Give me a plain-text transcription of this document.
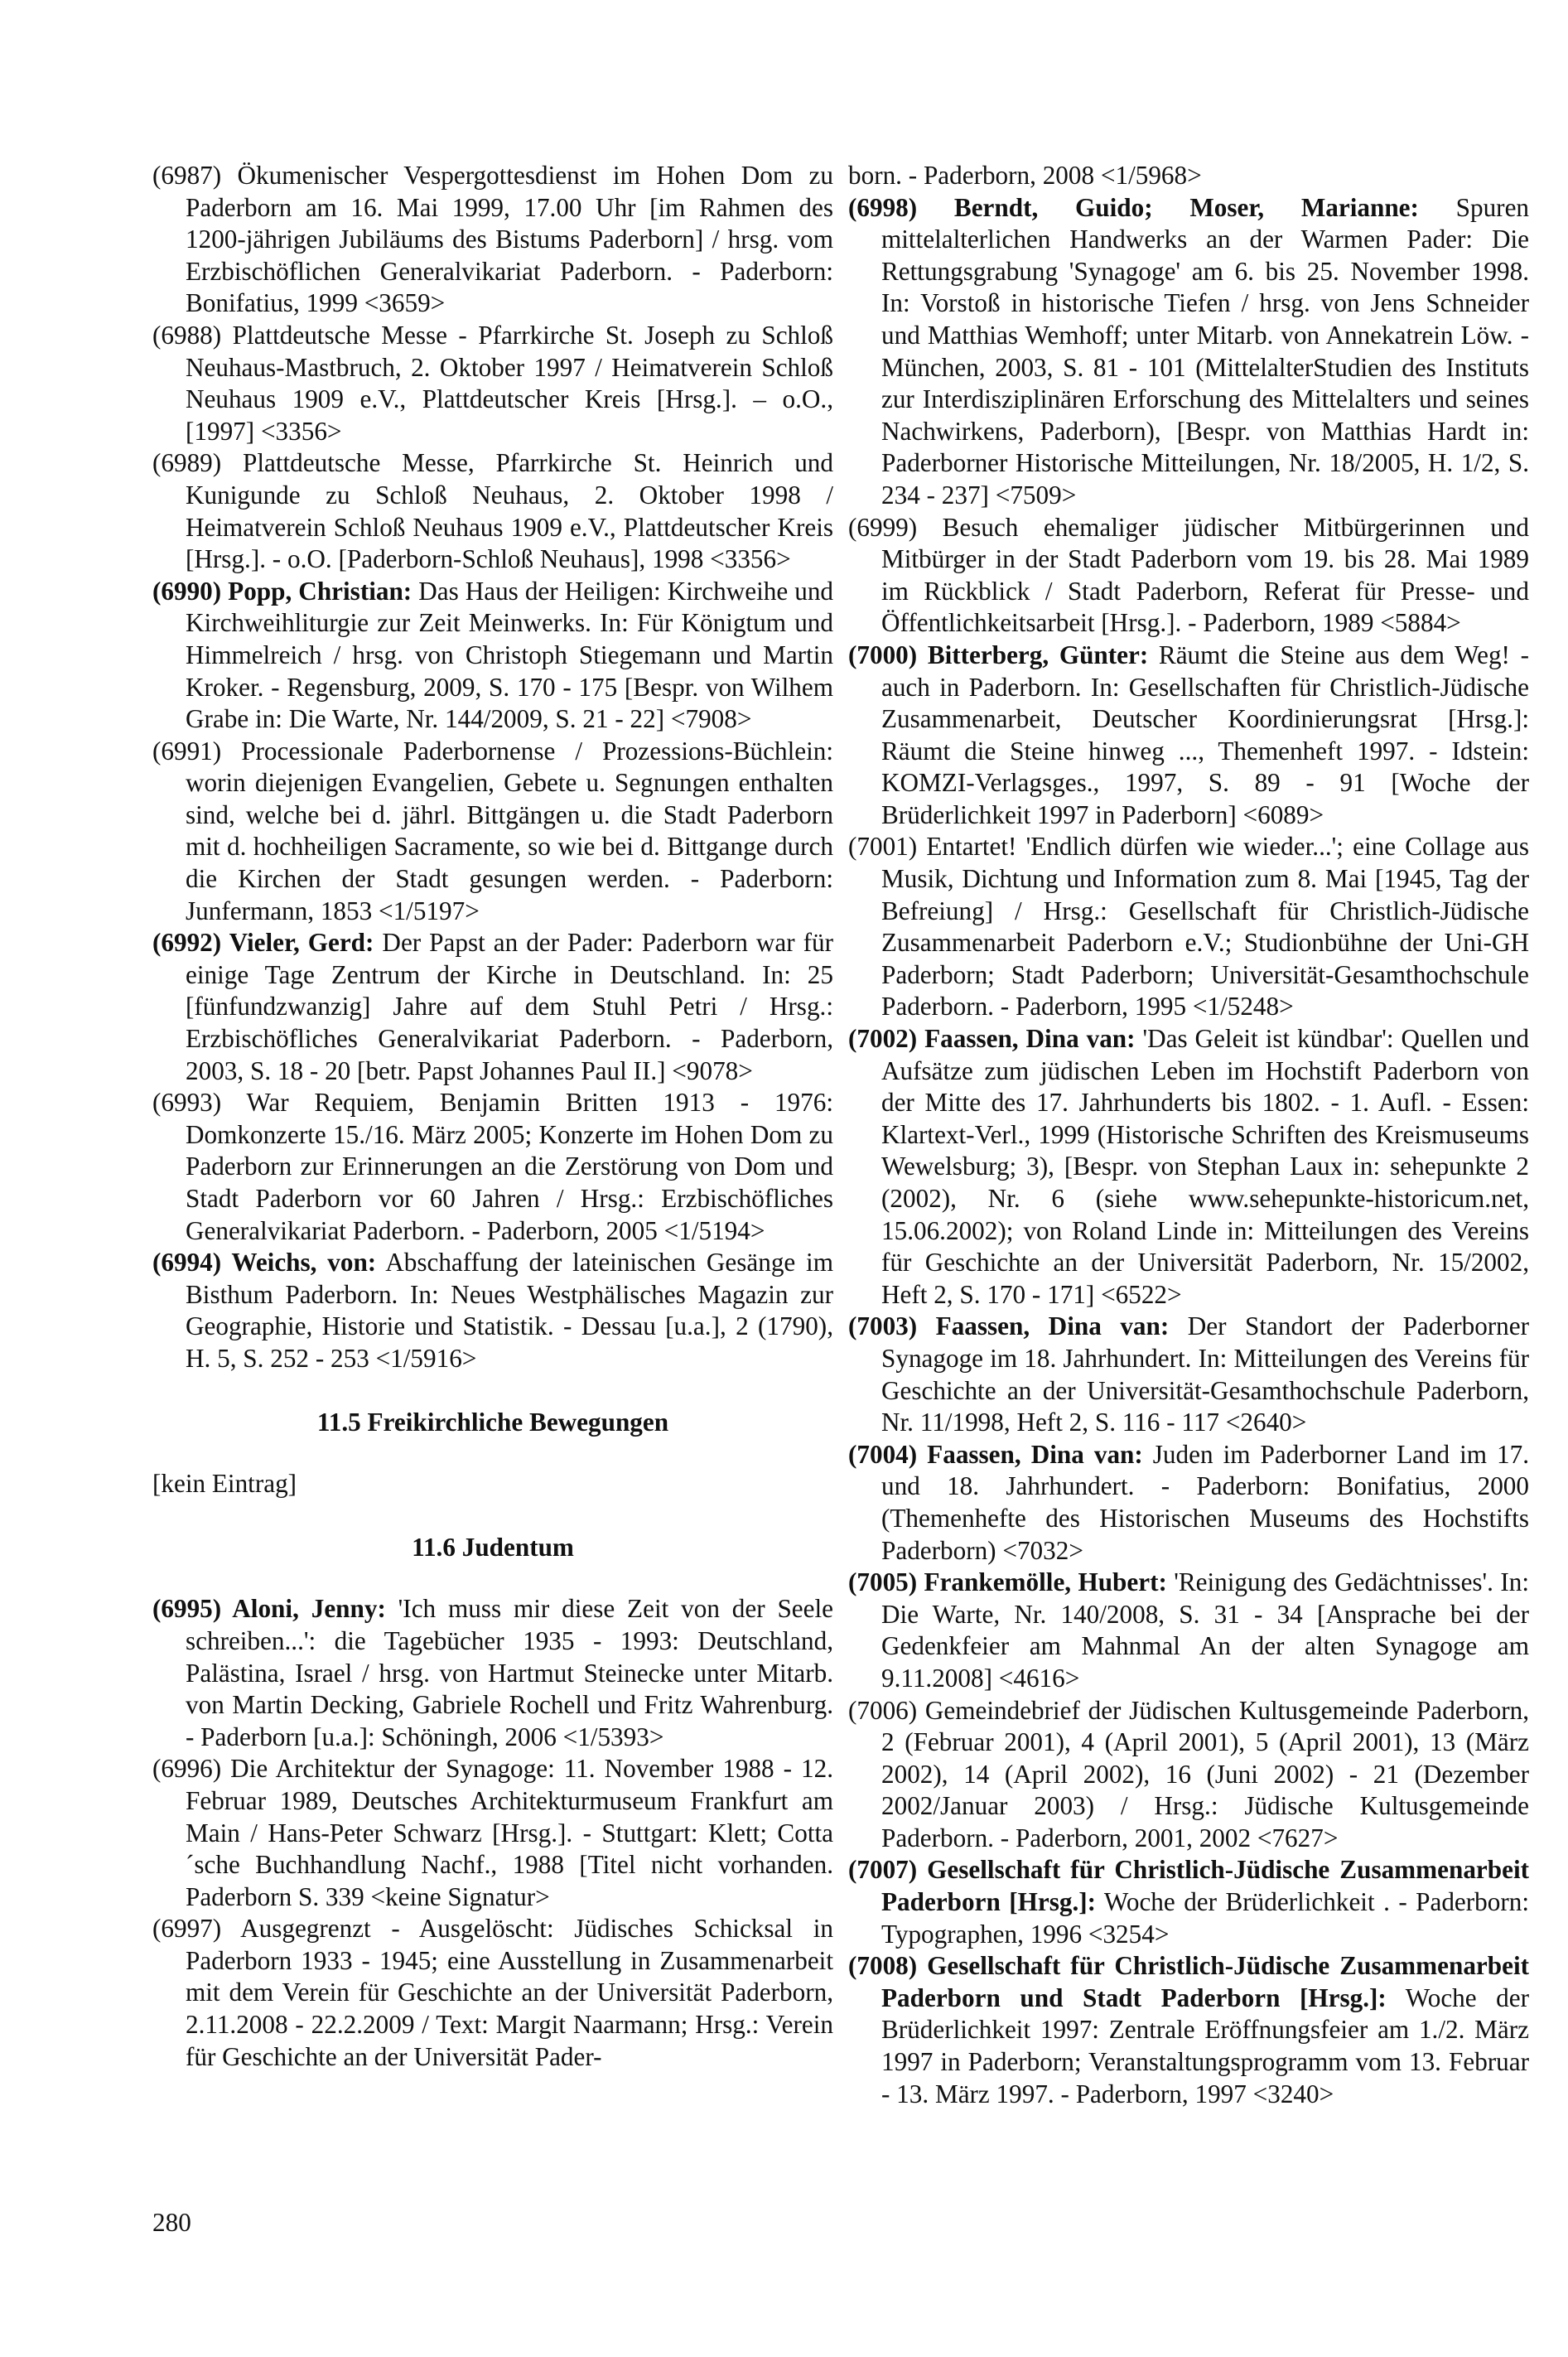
(6987) Ökumenischer Vespergottesdienst im Hohen Dom zu Paderborn am 16. Mai 1999, 17.00 Uhr [im Rahmen des 1200-jährigen Jubiläums des Bistums Paderborn] / hrsg. vom Erzbischöflichen Generalvikariat Paderborn. - Paderborn: Bonifatius, 1999 <3659>

(6988) Plattdeutsche Messe - Pfarrkirche St. Joseph zu Schloß Neuhaus-Mastbruch, 2. Oktober 1997 / Heimatverein Schloß Neuhaus 1909 e.V., Plattdeutscher Kreis [Hrsg.]. – o.O., [1997] <3356>

(6989) Plattdeutsche Messe, Pfarrkirche St. Heinrich und Kunigunde zu Schloß Neuhaus, 2. Oktober 1998 / Heimatverein Schloß Neuhaus 1909 e.V., Plattdeutscher Kreis [Hrsg.]. - o.O. [Paderborn-Schloß Neuhaus], 1998 <3356>

(6990) Popp, Christian: Das Haus der Heiligen: Kirchweihe und Kirchweihliturgie zur Zeit Meinwerks. In: Für Königtum und Himmelreich / hrsg. von Christoph Stiegemann und Martin Kroker. - Regensburg, 2009, S. 170 - 175 [Bespr. von Wilhem Grabe in: Die Warte, Nr. 144/2009, S. 21 - 22] <7908>

(6991) Processionale Paderbornense / Prozessions-Büchlein: worin diejenigen Evangelien, Gebete u. Segnungen enthalten sind, welche bei d. jährl. Bittgängen u. die Stadt Paderborn mit d. hochheiligen Sacramente, so wie bei d. Bittgange durch die Kirchen der Stadt gesungen werden. - Paderborn: Junfermann, 1853 <1/5197>

(6992) Vieler, Gerd: Der Papst an der Pader: Paderborn war für einige Tage Zentrum der Kirche in Deutschland. In: 25 [fünfundzwanzig] Jahre auf dem Stuhl Petri / Hrsg.: Erzbischöfliches Generalvikariat Paderborn. - Paderborn, 2003, S. 18 - 20 [betr. Papst Johannes Paul II.] <9078>

(6993) War Requiem, Benjamin Britten 1913 - 1976: Domkonzerte 15./16. März 2005; Konzerte im Hohen Dom zu Paderborn zur Erinnerungen an die Zerstörung von Dom und Stadt Paderborn vor 60 Jahren / Hrsg.: Erzbischöfliches Generalvikariat Paderborn. - Paderborn, 2005 <1/5194>

(6994) Weichs, von: Abschaffung der lateinischen Gesänge im Bisthum Paderborn. In: Neues Westphälisches Magazin zur Geographie, Historie und Statistik. - Dessau [u.a.], 2 (1790), H. 5, S. 252 - 253 <1/5916>

11.5 Freikirchliche Bewegungen
[kein Eintrag]
11.6 Judentum

(6995) Aloni, Jenny: 'Ich muss mir diese Zeit von der Seele schreiben...': die Tagebücher 1935 - 1993: Deutschland, Palästina, Israel / hrsg. von Hartmut Steinecke unter Mitarb. von Martin Decking, Gabriele Rochell und Fritz Wahrenburg. - Paderborn [u.a.]: Schöningh, 2006 <1/5393>

(6996) Die Architektur der Synagoge: 11. November 1988 - 12. Februar 1989, Deutsches Architekturmuseum Frankfurt am Main / Hans-Peter Schwarz [Hrsg.]. - Stuttgart: Klett; Cotta´sche Buchhandlung Nachf., 1988 [Titel nicht vorhanden. Paderborn S. 339 <keine Signatur>

(6997) Ausgegrenzt - Ausgelöscht: Jüdisches Schicksal in Paderborn 1933 - 1945; eine Ausstellung in Zusammenarbeit mit dem Verein für Geschichte an der Universität Paderborn, 2.11.2008 - 22.2.2009 / Text: Margit Naarmann; Hrsg.: Verein für Geschichte an der Universität Pader-

born. - Paderborn, 2008 <1/5968>

(6998) Berndt, Guido; Moser, Marianne: Spuren mittelalterlichen Handwerks an der Warmen Pader: Die Rettungsgrabung 'Synagoge' am 6. bis 25. November 1998. In: Vorstoß in historische Tiefen / hrsg. von Jens Schneider und Matthias Wemhoff; unter Mitarb. von Annekatrein Löw. - München, 2003, S. 81 - 101 (MittelalterStudien des Instituts zur Interdisziplinären Erforschung des Mittelalters und seines Nachwirkens, Paderborn), [Bespr. von Matthias Hardt in: Paderborner Historische Mitteilungen, Nr. 18/2005, H. 1/2, S. 234 - 237] <7509>

(6999) Besuch ehemaliger jüdischer Mitbürgerinnen und Mitbürger in der Stadt Paderborn vom 19. bis 28. Mai 1989 im Rückblick / Stadt Paderborn, Referat für Presse- und Öffentlichkeitsarbeit [Hrsg.]. - Paderborn, 1989 <5884>

(7000) Bitterberg, Günter: Räumt die Steine aus dem Weg! - auch in Paderborn. In: Gesellschaften für Christlich-Jüdische Zusammenarbeit, Deutscher Koordinierungsrat [Hrsg.]: Räumt die Steine hinweg ..., Themenheft 1997. - Idstein: KOMZI-Verlagsges., 1997, S. 89 - 91 [Woche der Brüderlichkeit 1997 in Paderborn] <6089>

(7001) Entartet! 'Endlich dürfen wie wieder...'; eine Collage aus Musik, Dichtung und Information zum 8. Mai [1945, Tag der Befreiung] / Hrsg.: Gesellschaft für Christlich-Jüdische Zusammenarbeit Paderborn e.V.; Studionbühne der Uni-GH Paderborn; Stadt Paderborn; Universität-Gesamthochschule Paderborn. - Paderborn, 1995 <1/5248>

(7002) Faassen, Dina van: 'Das Geleit ist kündbar': Quellen und Aufsätze zum jüdischen Leben im Hochstift Paderborn von der Mitte des 17. Jahrhunderts bis 1802. - 1. Aufl. - Essen: Klartext-Verl., 1999 (Historische Schriften des Kreismuseums Wewelsburg; 3), [Bespr. von Stephan Laux in: sehepunkte 2 (2002), Nr. 6 (siehe www.sehepunkte-historicum.net, 15.06.2002); von Roland Linde in: Mitteilungen des Vereins für Geschichte an der Universität Paderborn, Nr. 15/2002, Heft 2, S. 170 - 171] <6522>

(7003) Faassen, Dina van: Der Standort der Paderborner Synagoge im 18. Jahrhundert. In: Mitteilungen des Vereins für Geschichte an der Universität-Gesamthochschule Paderborn, Nr. 11/1998, Heft 2, S. 116 - 117 <2640>

(7004) Faassen, Dina van: Juden im Paderborner Land im 17. und 18. Jahrhundert. - Paderborn: Bonifatius, 2000 (Themenhefte des Historischen Museums des Hochstifts Paderborn) <7032>

(7005) Frankemölle, Hubert: 'Reinigung des Gedächtnisses'. In: Die Warte, Nr. 140/2008, S. 31 - 34 [Ansprache bei der Gedenkfeier am Mahnmal An der alten Synagoge am 9.11.2008] <4616>

(7006) Gemeindebrief der Jüdischen Kultusgemeinde Paderborn, 2 (Februar 2001), 4 (April 2001), 5 (April 2001), 13 (März 2002), 14 (April 2002), 16 (Juni 2002) - 21 (Dezember 2002/Januar 2003) / Hrsg.: Jüdische Kultusgemeinde Paderborn. - Paderborn, 2001, 2002 <7627>

(7007) Gesellschaft für Christlich-Jüdische Zusammenarbeit Paderborn [Hrsg.]: Woche der Brüderlichkeit . - Paderborn: Typographen, 1996 <3254>

(7008) Gesellschaft für Christlich-Jüdische Zusammenarbeit Paderborn und Stadt Paderborn [Hrsg.]: Woche der Brüderlichkeit 1997: Zentrale Eröffnungsfeier am 1./2. März 1997 in Paderborn; Veranstaltungsprogramm vom 13. Februar - 13. März 1997. - Paderborn, 1997 <3240>

280
